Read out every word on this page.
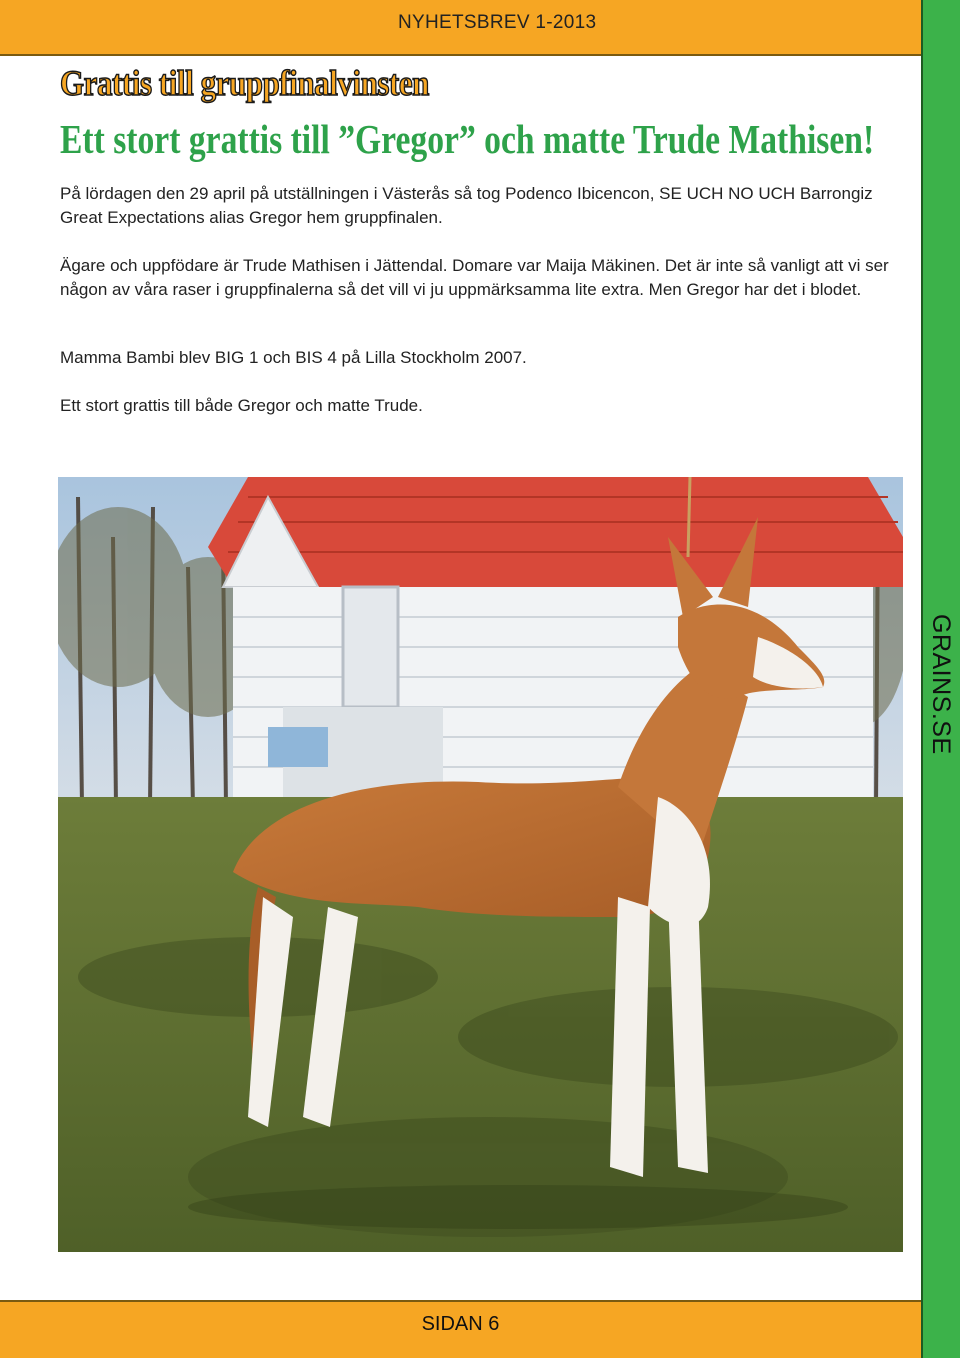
NYHETSBREV 1-2013
GRAINS.SE
Grattis till gruppfinalvinsten
Ett stort grattis till ”Gregor” och matte Trude Mathisen!

På lördagen den 29 april på utställningen i Västerås så tog Podenco Ibicencon, SE UCH NO UCH Barrongiz Great Expectations alias Gregor hem gruppfinalen.

Ägare och uppfödare är Trude Mathisen i Jättendal. Domare var Maija Mäkinen. Det är inte så vanligt att vi ser någon av våra raser i gruppfinalerna så det vill vi ju uppmärksamma lite extra. Men Gregor har det i blodet.

Mamma Bambi blev BIG 1 och BIS 4 på Lilla Stockholm 2007.

Ett stort grattis till både Gregor och matte Trude.

SIDAN 6
